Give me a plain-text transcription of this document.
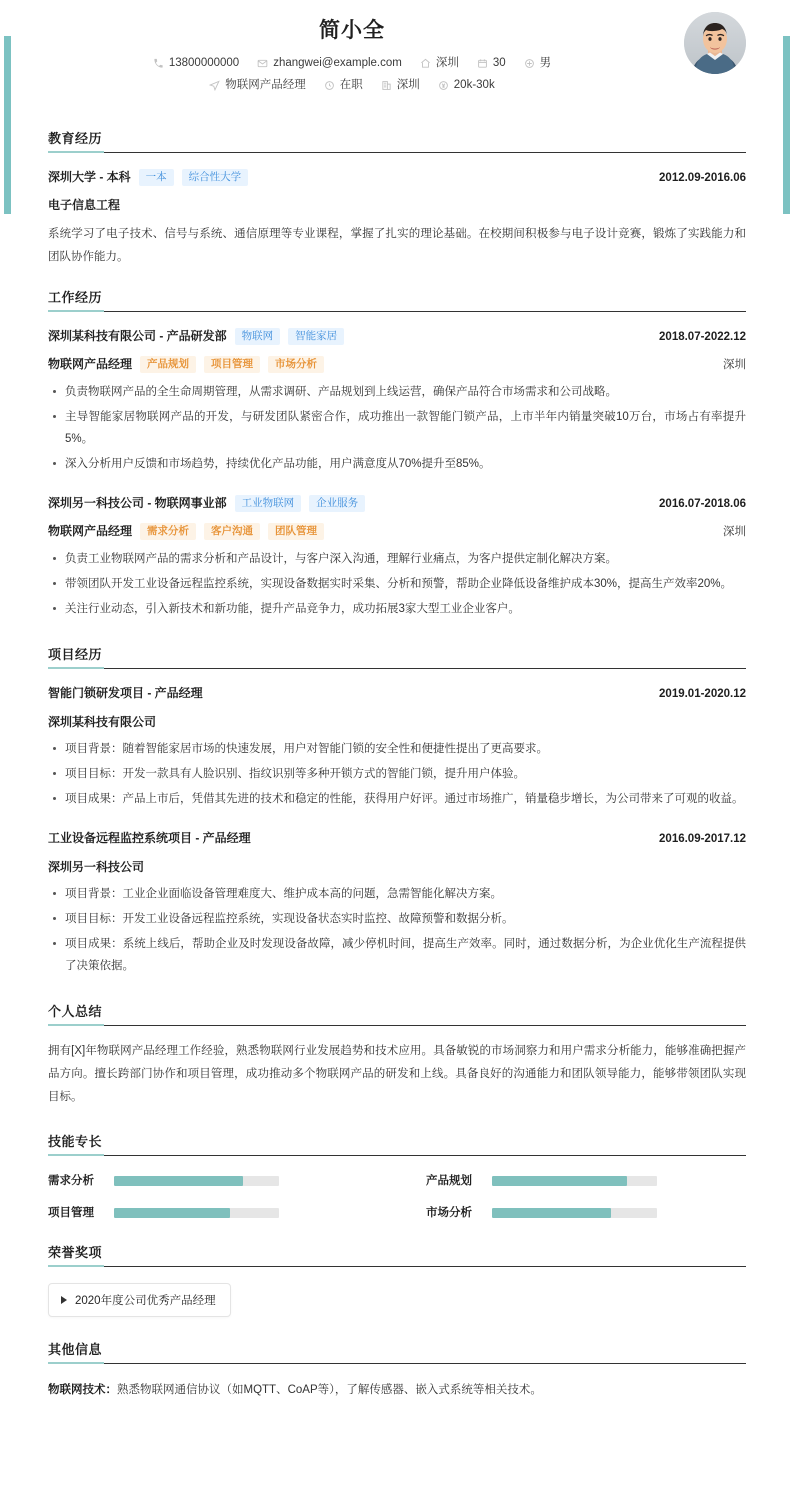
简小全
13800000000	zhangwei@example.com	深圳	30	男
物联网产品经理	在职	深圳	20k-30k
教育经历
深圳大学 - 本科	一本	综合性大学	2012.09-2016.06
电子信息工程
系统学习了电子技术、信号与系统、通信原理等专业课程，掌握了扎实的理论基础。在校期间积极参与电子设计竞赛，锻炼了实践能力和团队协作能力。
工作经历
深圳某科技有限公司 - 产品研发部	物联网	智能家居	2018.07-2022.12
物联网产品经理	产品规划	项目管理	市场分析	深圳
负责物联网产品的全生命周期管理，从需求调研、产品规划到上线运营，确保产品符合市场需求和公司战略。
主导智能家居物联网产品的开发，与研发团队紧密合作，成功推出一款智能门锁产品，上市半年内销量突破10万台，市场占有率提升5%。
深入分析用户反馈和市场趋势，持续优化产品功能，用户满意度从70%提升至85%。
深圳另一科技公司 - 物联网事业部	工业物联网	企业服务	2016.07-2018.06
物联网产品经理	需求分析	客户沟通	团队管理	深圳
负责工业物联网产品的需求分析和产品设计，与客户深入沟通，理解行业痛点，为客户提供定制化解决方案。
带领团队开发工业设备远程监控系统，实现设备数据实时采集、分析和预警，帮助企业降低设备维护成本30%，提高生产效率20%。
关注行业动态，引入新技术和新功能，提升产品竞争力，成功拓展3家大型工业企业客户。
项目经历
智能门锁研发项目 - 产品经理	2019.01-2020.12
深圳某科技有限公司
项目背景：随着智能家居市场的快速发展，用户对智能门锁的安全性和便捷性提出了更高要求。
项目目标：开发一款具有人脸识别、指纹识别等多种开锁方式的智能门锁，提升用户体验。
项目成果：产品上市后，凭借其先进的技术和稳定的性能，获得用户好评。通过市场推广，销量稳步增长，为公司带来了可观的收益。
工业设备远程监控系统项目 - 产品经理	2016.09-2017.12
深圳另一科技公司
项目背景：工业企业面临设备管理难度大、维护成本高的问题，急需智能化解决方案。
项目目标：开发工业设备远程监控系统，实现设备状态实时监控、故障预警和数据分析。
项目成果：系统上线后，帮助企业及时发现设备故障，减少停机时间，提高生产效率。同时，通过数据分析，为企业优化生产流程提供了决策依据。
个人总结
拥有[X]年物联网产品经理工作经验，熟悉物联网行业发展趋势和技术应用。具备敏锐的市场洞察力和用户需求分析能力，能够准确把握产品方向。擅长跨部门协作和项目管理，成功推动多个物联网产品的研发和上线。具备良好的沟通能力和团队领导能力，能够带领团队实现目标。
技能专长
需求分析	产品规划
项目管理	市场分析
荣誉奖项
2020年度公司优秀产品经理
其他信息
物联网技术：熟悉物联网通信协议（如MQTT、CoAP等），了解传感器、嵌入式系统等相关技术。
